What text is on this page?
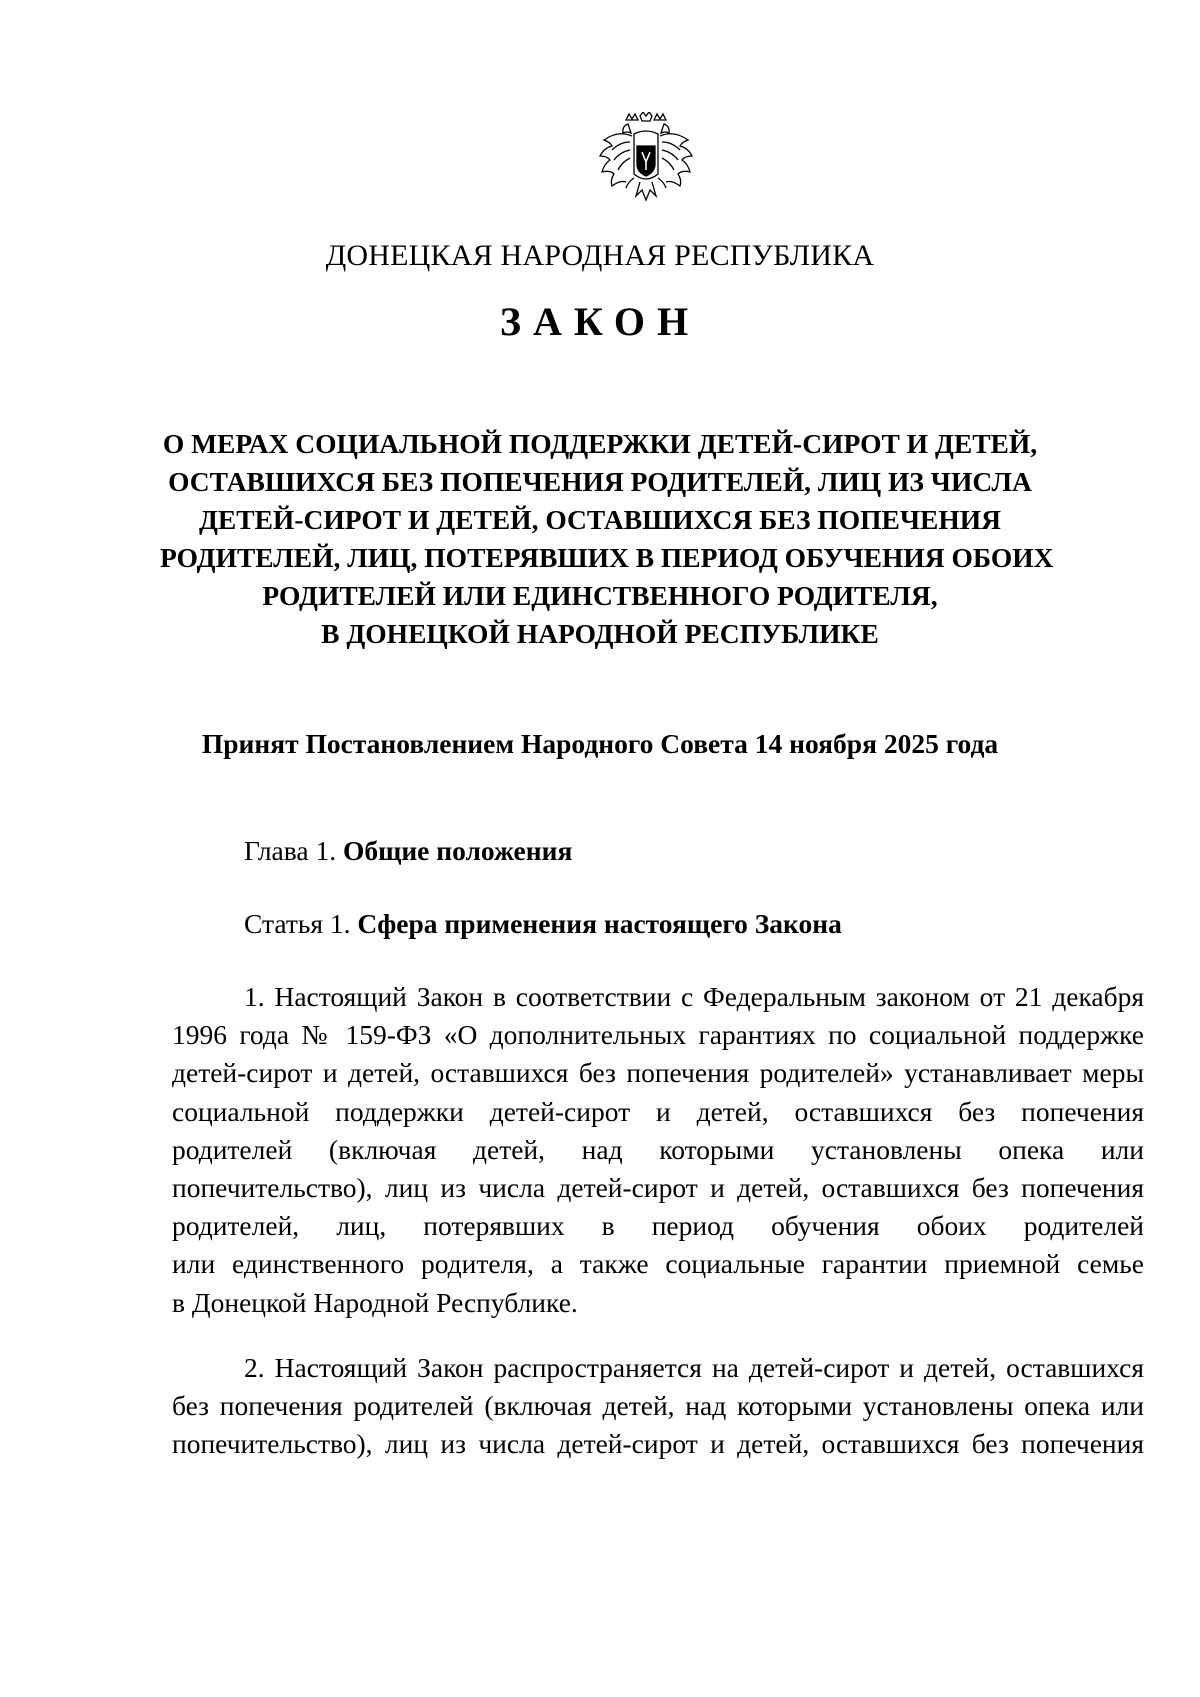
ДОНЕЦКАЯ НАРОДНАЯ РЕСПУБЛИКА
ЗАКОН
О МЕРАХ СОЦИАЛЬНОЙ ПОДДЕРЖКИ ДЕТЕЙ-СИРОТ И ДЕТЕЙ,
ОСТАВШИХСЯ БЕЗ ПОПЕЧЕНИЯ РОДИТЕЛЕЙ, ЛИЦ ИЗ ЧИСЛА
ДЕТЕЙ-СИРОТ И ДЕТЕЙ, ОСТАВШИХСЯ БЕЗ ПОПЕЧЕНИЯ
РОДИТЕЛЕЙ, ЛИЦ, ПОТЕРЯВШИХ В ПЕРИОД ОБУЧЕНИЯ ОБОИХ
РОДИТЕЛЕЙ ИЛИ ЕДИНСТВЕННОГО РОДИТЕЛЯ,
В ДОНЕЦКОЙ НАРОДНОЙ РЕСПУБЛИКЕ
Принят Постановлением Народного Совета 14 ноября 2025 года
Глава 1. Общие положения
Статья 1. Сфера применения настоящего Закона
1. Настоящий Закон в соответствии с Федеральным законом от 21 декабря
1996 года № 159-ФЗ «О дополнительных гарантиях по социальной поддержке
детей-сирот и детей, оставшихся без попечения родителей» устанавливает меры
социальной поддержки детей-сирот и детей, оставшихся без попечения
родителей (включая детей, над которыми установлены опека или
попечительство), лиц из числа детей-сирот и детей, оставшихся без попечения
родителей, лиц, потерявших в период обучения обоих родителей
или единственного родителя, а также социальные гарантии приемной семье
в Донецкой Народной Республике.
2. Настоящий Закон распространяется на детей-сирот и детей, оставшихся
без попечения родителей (включая детей, над которыми установлены опека или
попечительство), лиц из числа детей-сирот и детей, оставшихся без попечения
